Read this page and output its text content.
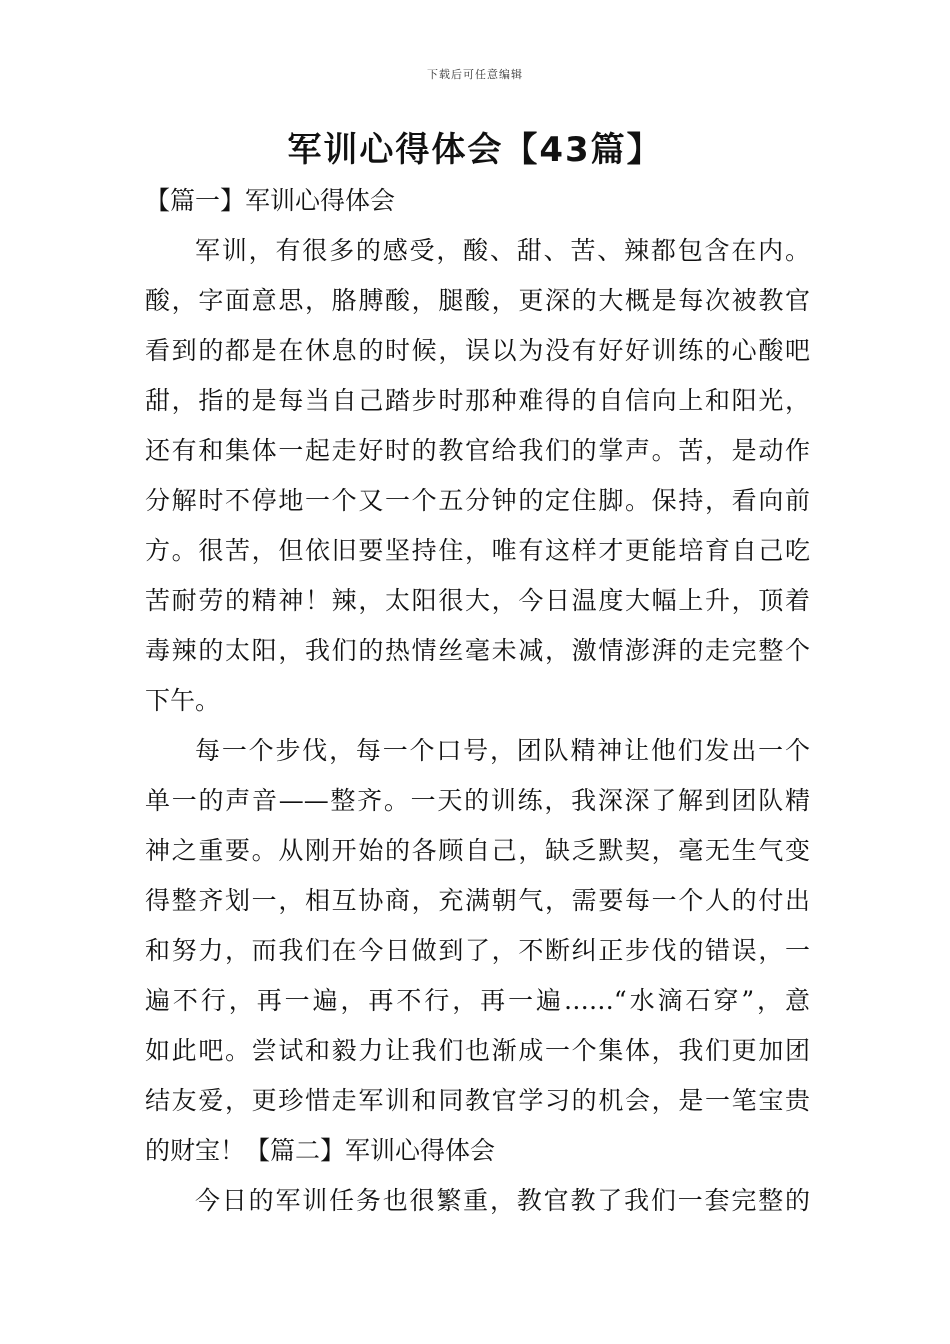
下载后可任意编辑
军训心得体会【43篇】
【篇一】军训心得体会
军训，有很多的感受，酸、甜、苦、辣都包含在内。
酸，字面意思，胳膊酸，腿酸，更深的大概是每次被教官
看到的都是在休息的时候，误以为没有好好训练的心酸吧
甜，指的是每当自己踏步时那种难得的自信向上和阳光，
还有和集体一起走好时的教官给我们的掌声。苦，是动作
分解时不停地一个又一个五分钟的定住脚。保持，看向前
方。很苦，但依旧要坚持住，唯有这样才更能培育自己吃
苦耐劳的精神！辣，太阳很大，今日温度大幅上升，顶着
毒辣的太阳，我们的热情丝毫未减，激情澎湃的走完整个
下午。
每一个步伐，每一个口号，团队精神让他们发出一个
单一的声音——整齐。一天的训练，我深深了解到团队精
神之重要。从刚开始的各顾自己，缺乏默契，毫无生气变
得整齐划一，相互协商，充满朝气，需要每一个人的付出
和努力，而我们在今日做到了，不断纠正步伐的错误，一
遍不行，再一遍，再不行，再一遍……“水滴石穿”，意
如此吧。尝试和毅力让我们也渐成一个集体，我们更加团
结友爱，更珍惜走军训和同教官学习的机会，是一笔宝贵
的财宝！【篇二】军训心得体会
今日的军训任务也很繁重，教官教了我们一套完整的
